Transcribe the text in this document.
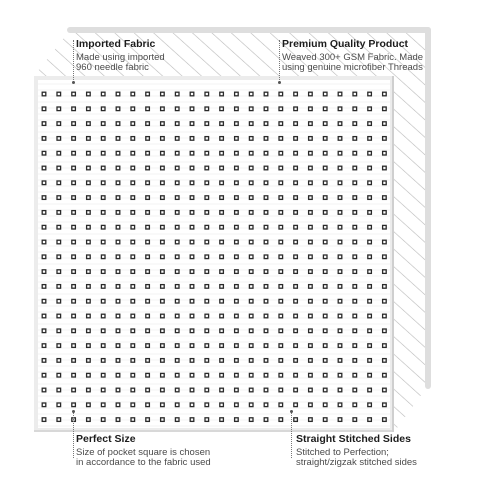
Imported Fabric
Made using imported
960 needle fabric
Premium Quality Product
Weaved 300+ GSM Fabric. Made
using genuine microfiber Threads
Perfect Size
Size of pocket square is chosen
in accordance to the fabric used
Straight Stitched Sides
Stitched to Perfection;
straight/zigzak stitched sides
